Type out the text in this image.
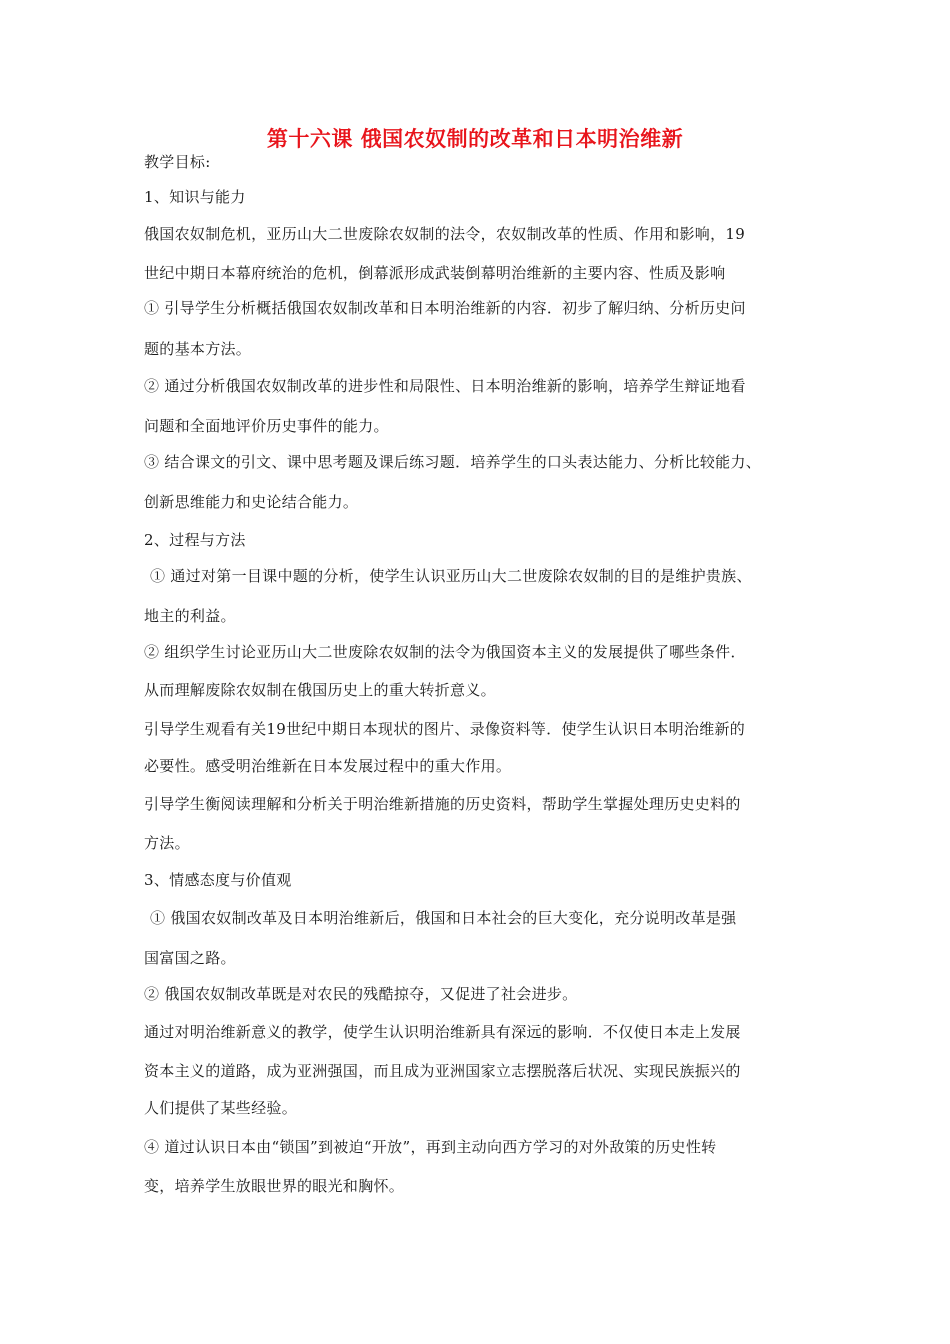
第十六课 俄国农奴制的改革和日本明治维新
教学目标:
1、知识与能力
俄国农奴制危机，亚历山大二世废除农奴制的法令，农奴制改革的性质、作用和影响，19
世纪中期日本幕府统治的危机，倒幕派形成武装倒幕明治维新的主要内容、性质及影响
① 引导学生分析概括俄国农奴制改革和日本明治维新的内容．初步了解归纳、分析历史问
题的基本方法。
② 通过分析俄国农奴制改革的进步性和局限性、日本明治维新的影响，培养学生辩证地看
问题和全面地评价历史事件的能力。
③ 结合课文的引文、课中思考题及课后练习题．培养学生的口头表达能力、分析比较能力、
创新思维能力和史论结合能力。
2、过程与方法
① 通过对第一目课中题的分析，使学生认识亚历山大二世废除农奴制的目的是维护贵族、
地主的利益。
② 组织学生讨论亚历山大二世废除农奴制的法令为俄国资本主义的发展提供了哪些条件．
从而理解废除农奴制在俄国历史上的重大转折意义。
引导学生观看有关19世纪中期日本现状的图片、录像资料等．使学生认识日本明治维新的
必要性。感受明治维新在日本发展过程中的重大作用。
引导学生衡阅读理解和分析关于明治维新措施的历史资料，帮助学生掌握处理历史史料的
方法。
3、情感态度与价值观
① 俄国农奴制改革及日本明治维新后，俄国和日本社会的巨大变化，充分说明改革是强
国富国之路。
② 俄国农奴制改革既是对农民的残酷掠夺，又促进了社会进步。
通过对明治维新意义的教学，使学生认识明治维新具有深远的影响．不仅使日本走上发展
资本主义的道路，成为亚洲强国，而且成为亚洲国家立志摆脱落后状况、实现民族振兴的
人们提供了某些经验。
④ 道过认识日本由“锁国”到被迫“开放”，再到主动向西方学习的对外敌策的历史性转
变，培养学生放眼世界的眼光和胸怀。
